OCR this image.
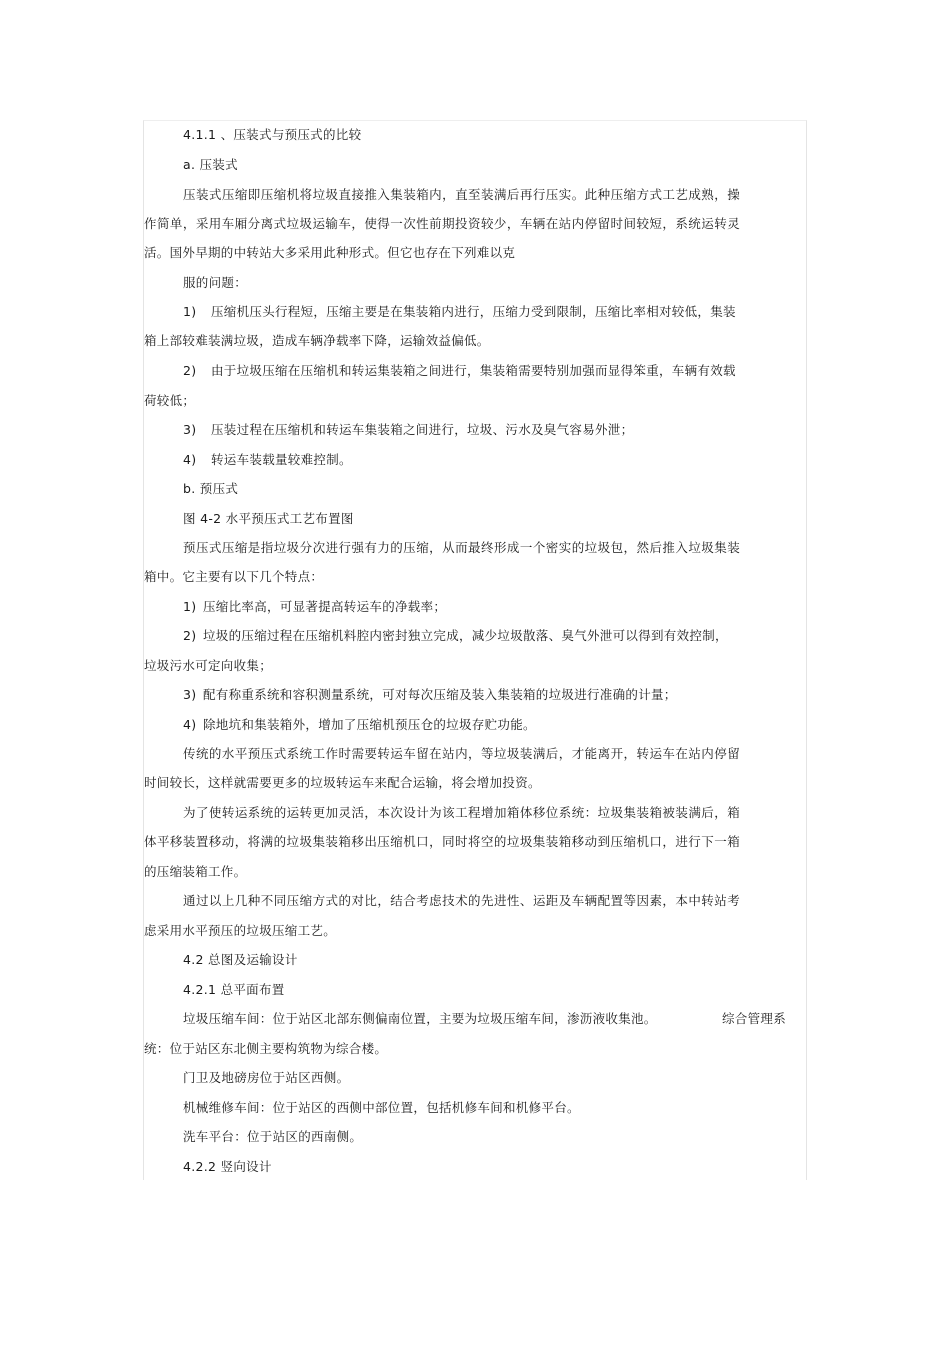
4.1.1 、压装式与预压式的比较
a. 压装式
压装式压缩即压缩机将垃圾直接推入集装箱内，直至装满后再行压实。此种压缩方式工艺成熟，操
作简单，采用车厢分离式垃圾运输车，使得一次性前期投资较少，车辆在站内停留时间较短，系统运转灵
活。国外早期的中转站大多采用此种形式。但它也存在下列难以克
服的问题：
1) 压缩机压头行程短，压缩主要是在集装箱内进行，压缩力受到限制，压缩比率相对较低，集装
箱上部较难装满垃圾，造成车辆净载率下降，运输效益偏低。
2) 由于垃圾压缩在压缩机和转运集装箱之间进行，集装箱需要特别加强而显得笨重，车辆有效载
荷较低；
3) 压装过程在压缩机和转运车集装箱之间进行，垃圾、污水及臭气容易外泄；
4) 转运车装载量较难控制。
b. 预压式
图 4-2 水平预压式工艺布置图
预压式压缩是指垃圾分次进行强有力的压缩，从而最终形成一个密实的垃圾包，然后推入垃圾集装
箱中。它主要有以下几个特点：
1) 压缩比率高，可显著提高转运车的净载率；
2) 垃圾的压缩过程在压缩机料腔内密封独立完成，减少垃圾散落、臭气外泄可以得到有效控制，
垃圾污水可定向收集；
3) 配有称重系统和容积测量系统，可对每次压缩及装入集装箱的垃圾进行准确的计量；
4) 除地坑和集装箱外，增加了压缩机预压仓的垃圾存贮功能。
传统的水平预压式系统工作时需要转运车留在站内，等垃圾装满后，才能离开，转运车在站内停留
时间较长，这样就需要更多的垃圾转运车来配合运输，将会增加投资。
为了使转运系统的运转更加灵活，本次设计为该工程增加箱体移位系统：垃圾集装箱被装满后，箱
体平移装置移动，将满的垃圾集装箱移出压缩机口，同时将空的垃圾集装箱移动到压缩机口，进行下一箱
的压缩装箱工作。
通过以上几种不同压缩方式的对比，结合考虑技术的先进性、运距及车辆配置等因素，本中转站考
虑采用水平预压的垃圾压缩工艺。
4.2 总图及运输设计
4.2.1 总平面布置
垃圾压缩车间：位于站区北部东侧偏南位置，主要为垃圾压缩车间，渗沥液收集池。	综合管理系
统：位于站区东北侧主要构筑物为综合楼。
门卫及地磅房位于站区西侧。
机械维修车间：位于站区的西侧中部位置，包括机修车间和机修平台。
洗车平台：位于站区的西南侧。
4.2.2 竖向设计
